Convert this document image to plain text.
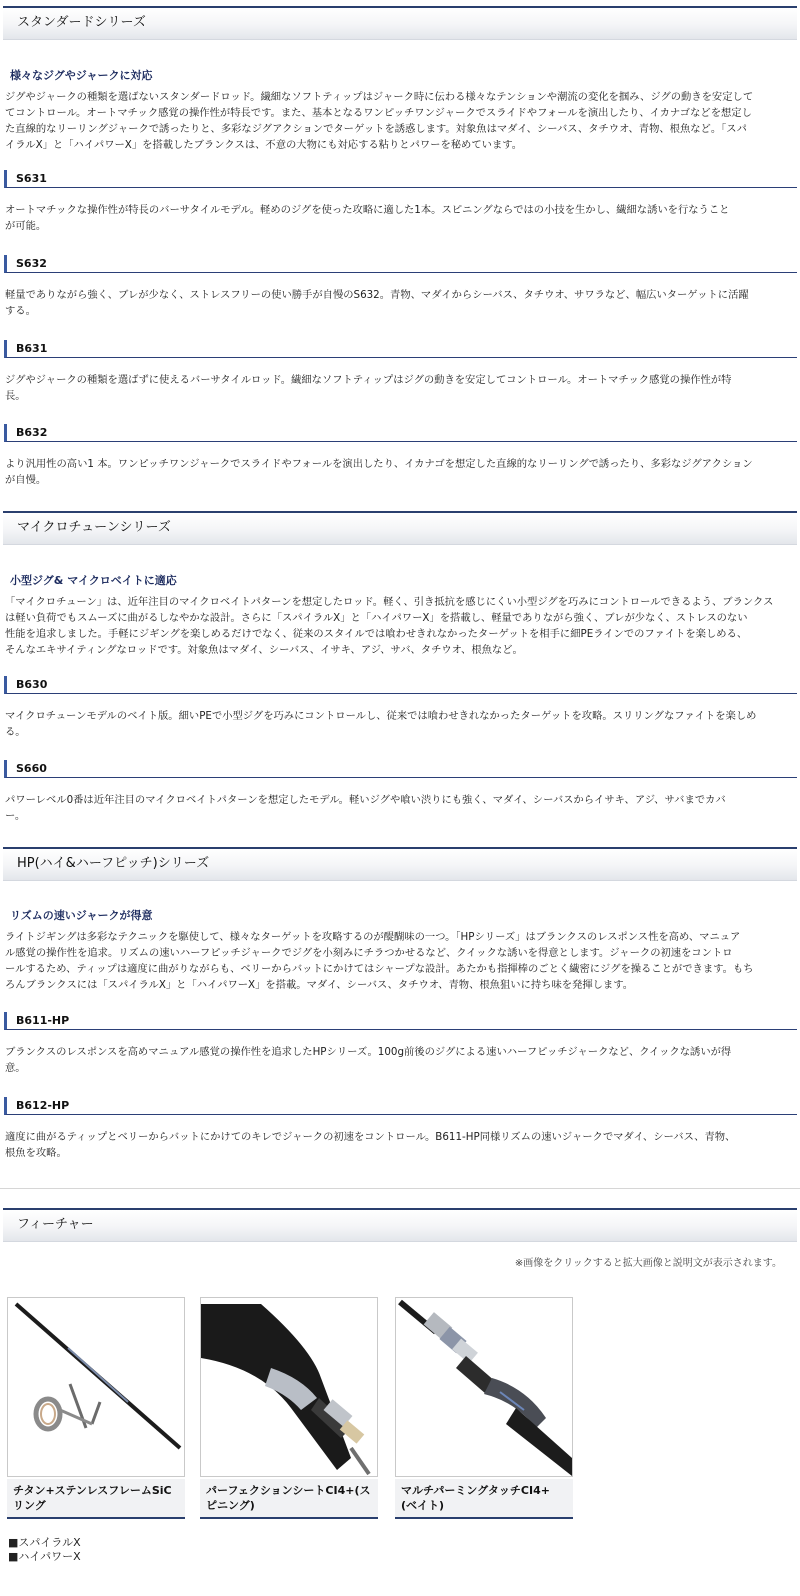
スタンダードシリーズ
様々なジグやジャークに対応

ジグやジャークの種類を選ばないスタンダードロッド。繊細なソフトティップはジャーク時に伝わる様々なテンションや潮流の変化を掴み、ジグの動きを安定して
てコントロール。オートマチック感覚の操作性が特長です。また、基本となるワンピッチワンジャークでスライドやフォールを演出したり、イカナゴなどを想定し
た直線的なリーリングジャークで誘ったりと、多彩なジグアクションでターゲットを誘惑します。対象魚はマダイ、シーバス、タチウオ、青物、根魚など。「スパ
イラルX」と「ハイパワーX」を搭載したブランクスは、不意の大物にも対応する粘りとパワーを秘めています。

S631

オートマチックな操作性が特長のバーサタイルモデル。軽めのジグを使った攻略に適した1本。スピニングならではの小技を生かし、繊細な誘いを行なうこと
が可能。

S632

軽量でありながら強く、ブレが少なく、ストレスフリーの使い勝手が自慢のS632。青物、マダイからシーバス、タチウオ、サワラなど、幅広いターゲットに活躍
する。

B631

ジグやジャークの種類を選ばずに使えるバーサタイルロッド。繊細なソフトティップはジグの動きを安定してコントロール。オートマチック感覚の操作性が特
長。

B632

より汎用性の高い1 本。ワンピッチワンジャークでスライドやフォールを演出したり、イカナゴを想定した直線的なリーリングで誘ったり、多彩なジグアクション
が自慢。

マイクロチューンシリーズ
小型ジグ& マイクロベイトに適応

「マイクロチューン」は、近年注目のマイクロベイトパターンを想定したロッド。軽く、引き抵抗を感じにくい小型ジグを巧みにコントロールできるよう、ブランクス
は軽い負荷でもスムーズに曲がるしなやかな設計。さらに「スパイラルX」と「ハイパワーX」を搭載し、軽量でありながら強く、ブレが少なく、ストレスのない
性能を追求しました。手軽にジギングを楽しめるだけでなく、従来のスタイルでは喰わせきれなかったターゲットを相手に細PEラインでのファイトを楽しめる、
そんなエキサイティングなロッドです。対象魚はマダイ、シーバス、イサキ、アジ、サバ、タチウオ、根魚など。

B630

マイクロチューンモデルのベイト版。細いPEで小型ジグを巧みにコントロールし、従来では喰わせきれなかったターゲットを攻略。スリリングなファイトを楽しめ
る。

S660

パワーレベル0番は近年注目のマイクロベイトパターンを想定したモデル。軽いジグや喰い渋りにも強く、マダイ、シーバスからイサキ、アジ、サバまでカバ
ー。

HP(ハイ&ハーフピッチ)シリーズ
リズムの速いジャークが得意

ライトジギングは多彩なテクニックを駆使して、様々なターゲットを攻略するのが醍醐味の一つ。「HPシリーズ」はブランクスのレスポンス性を高め、マニュア
ル感覚の操作性を追求。リズムの速いハーフピッチジャークでジグを小刻みにチラつかせるなど、クイックな誘いを得意とします。ジャークの初速をコントロ
ールするため、ティップは適度に曲がりながらも、ベリーからバットにかけてはシャープな設計。あたかも指揮棒のごとく繊密にジグを操ることができます。もち
ろんブランクスには「スパイラルX」と「ハイパワーX」を搭載。マダイ、シーバス、タチウオ、青物、根魚狙いに持ち味を発揮します。

B611-HP

ブランクスのレスポンスを高めマニュアル感覚の操作性を追求したHPシリーズ。100g前後のジグによる速いハーフピッチジャークなど、クイックな誘いが得
意。

B612-HP

適度に曲がるティップとベリーからバットにかけてのキレでジャークの初速をコントロール。B611-HP同様リズムの速いジャークでマダイ、シーバス、青物、
根魚を攻略。

フィーチャー
※画像をクリックすると拡大画像と説明文が表示されます。
チタン+ステンレスフレームSiC
リング
パーフェクションシートCI4+(ス
ピニング)
マルチパーミングタッチCI4+
(ベイト)
■スパイラルX
■ハイパワーX
